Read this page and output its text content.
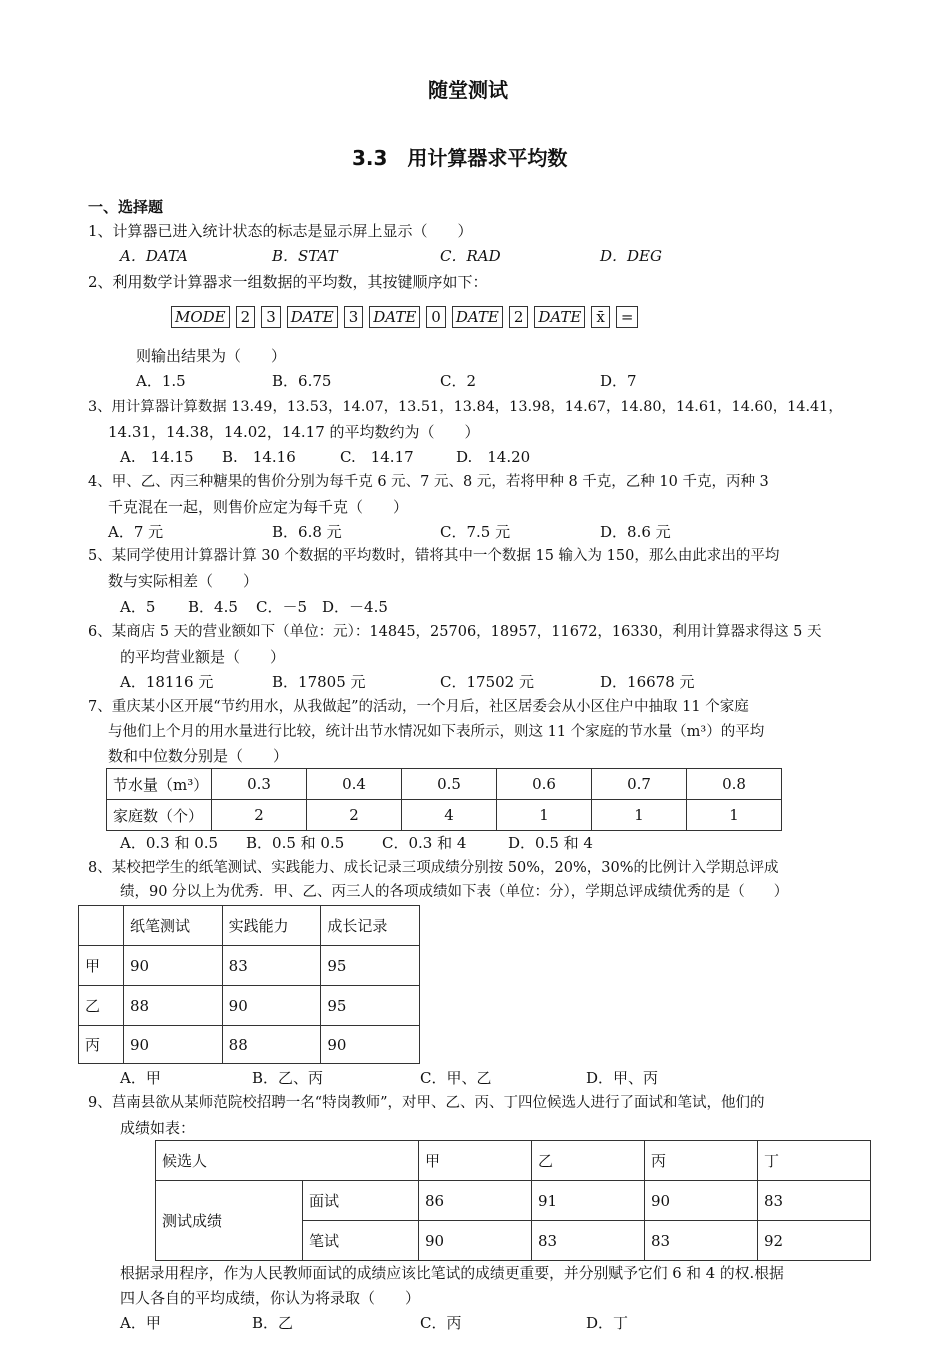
随堂测试
3.3　用计算器求平均数
一、选择题
1、计算器已进入统计状态的标志是显示屏上显示（　　）
A．DATA	B．STAT	C．RAD	D．DEG
2、利用数学计算器求一组数据的平均数，其按键顺序如下：
MODE	2	3	DATE	3	DATE	0	DATE	2	DATE	x̄	=
则输出结果为（　　）
A．1.5	B．6.75	C．2	D．7
3、用计算器计算数据 13.49，13.53，14.07，13.51，13.84，13.98，14.67，14.80，14.61，14.60，14.41，
14.31，14.38，14.02，14.17 的平均数约为（　　）
A.　14.15 B.　14.16	C.　14.17	D.　14.20
4、甲、乙、丙三种糖果的售价分别为每千克 6 元、7 元、8 元，若将甲种 8 千克，乙种 10 千克，丙种 3
千克混在一起，则售价应定为每千克（　　）
A．7 元	B．6.8 元	C．7.5 元	D．8.6 元
5、某同学使用计算器计算 30 个数据的平均数时，错将其中一个数据 15 输入为 150，那么由此求出的平均
数与实际相差（　　）
A．5 B．4.5 C．－5 D．－4.5
6、某商店 5 天的营业额如下（单位：元）：14845，25706，18957，11672，16330，利用计算器求得这 5 天
的平均营业额是（　　）
A．18116 元	B．17805 元	C．17502 元	D．16678 元
7、重庆某小区开展“节约用水，从我做起”的活动，一个月后，社区居委会从小区住户中抽取 11 个家庭
与他们上个月的用水量进行比较，统计出节水情况如下表所示，则这 11 个家庭的节水量（m³）的平均
数和中位数分别是（　　）
节水量（m³）	0.3	0.4	0.5	0.6	0.7	0.8
家庭数（个）	2	2	4	1	1	1
A．0.3 和 0.5 B．0.5 和 0.5	C．0.3 和 4	D．0.5 和 4
8、某校把学生的纸笔测试、实践能力、成长记录三项成绩分别按 50%，20%，30%的比例计入学期总评成
绩，90 分以上为优秀．甲、乙、丙三人的各项成绩如下表（单位：分），学期总评成绩优秀的是（　　）
	纸笔测试	实践能力	成长记录
甲	90	83	95
乙	88	90	95
丙	90	88	90
A．甲	B．乙、丙	C．甲、乙	D．甲、丙
9、莒南县欲从某师范院校招聘一名“特岗教师”，对甲、乙、丙、丁四位候选人进行了面试和笔试，他们的
成绩如表：
候选人		甲	乙	丙	丁
测试成绩	面试	86	91	90	83
	笔试	90	83	83	92
根据录用程序，作为人民教师面试的成绩应该比笔试的成绩更重要，并分别赋予它们 6 和 4 的权.根据
四人各自的平均成绩，你认为将录取（　　）
A．甲	B．乙	C．丙	D．丁
